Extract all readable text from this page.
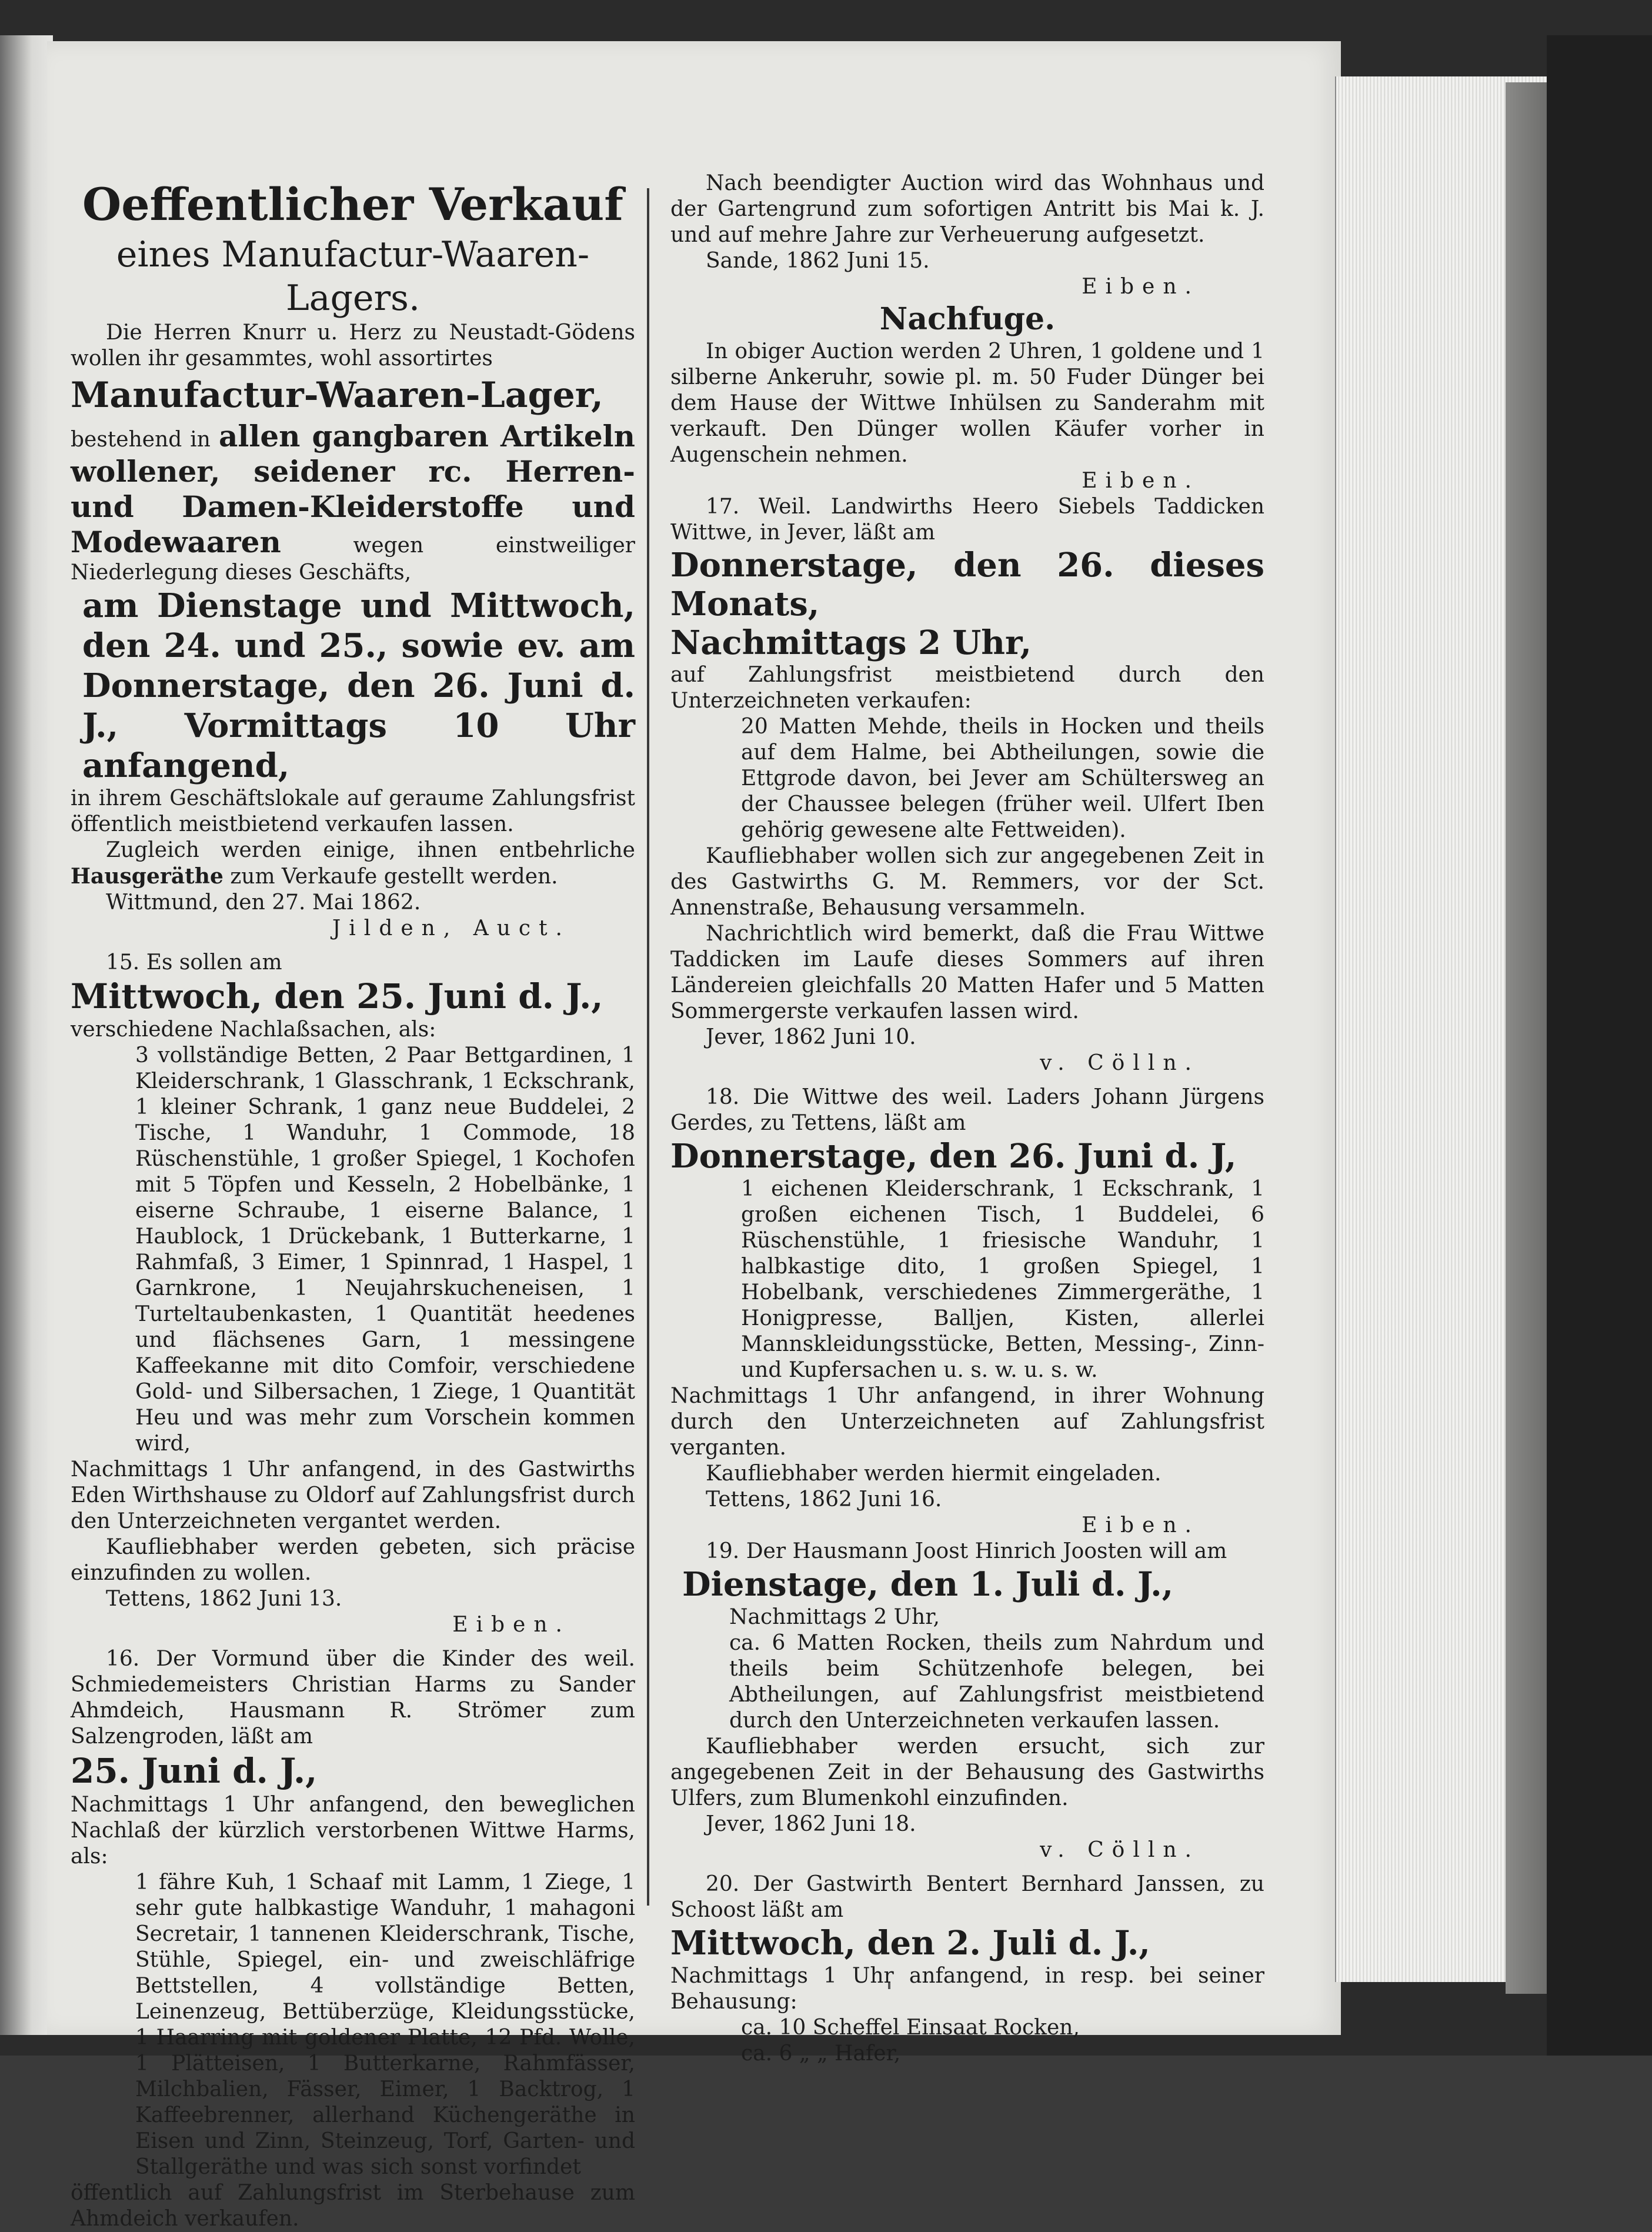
Oeffentlicher Verkauf

eines Manufactur-Waaren-Lagers.

Die Herren Knurr u. Herz zu Neustadt-Gödens wollen ihr gesammtes, wohl assortirtes

Manufactur-Waaren-Lager,

bestehend in allen gangbaren Artikeln wollener, seidener rc. Herren- und Damen-Kleiderstoffe und Modewaaren	wegen einstweiliger Niederlegung dieses Geschäfts,

am Dienstage und Mittwoch, den 24. und 25., sowie ev. am Donnerstage, den 26. Juni d. J., Vormittags 10 Uhr anfangend,

in ihrem Geschäftslokale auf geraume Zahlungsfrist öffentlich meistbietend verkaufen lassen.

Zugleich werden einige, ihnen entbehrliche Hausgeräthe zum Verkaufe gestellt werden.

Wittmund, den 27. Mai 1862.

Jilden, Auct.

15. Es sollen am

Mittwoch, den 25. Juni d. J.,

verschiedene Nachlaßsachen, als:

3 vollständige Betten, 2 Paar Bettgardinen, 1 Kleiderschrank, 1 Glasschrank, 1 Eckschrank, 1 kleiner Schrank, 1 ganz neue Buddelei, 2 Tische, 1 Wanduhr, 1 Commode, 18 Rüschenstühle, 1 großer Spiegel, 1 Kochofen mit 5 Töpfen und Kesseln, 2 Hobelbänke, 1 eiserne Schraube, 1 eiserne Balance, 1 Haublock, 1 Drückebank, 1 Butterkarne, 1 Rahmfaß, 3 Eimer, 1 Spinnrad, 1 Haspel, 1 Garnkrone, 1 Neujahrskucheneisen, 1 Turteltaubenkasten, 1 Quantität heedenes und flächsenes Garn, 1 messingene Kaffeekanne mit dito Comfoir, verschiedene Gold- und Silbersachen, 1 Ziege, 1 Quantität Heu und was mehr zum Vorschein kommen wird,

Nachmittags 1 Uhr anfangend, in des Gastwirths Eden Wirthshause zu Oldorf auf Zahlungsfrist durch den Unterzeichneten vergantet werden.

Kaufliebhaber werden gebeten, sich präcise einzufinden zu wollen.

Tettens, 1862 Juni 13.

Eiben.

16. Der Vormund über die Kinder des weil. Schmiedemeisters Christian Harms zu Sander Ahmdeich, Hausmann R. Strömer zum Salzengroden, läßt am

25. Juni d. J.,

Nachmittags 1 Uhr anfangend, den beweglichen Nachlaß der kürzlich verstorbenen Wittwe Harms, als:

1 fähre Kuh, 1 Schaaf mit Lamm, 1 Ziege, 1 sehr gute halbkastige Wanduhr, 1 mahagoni Secretair, 1 tannenen Kleiderschrank, Tische, Stühle, Spiegel, ein- und zweischläfrige Bettstellen, 4 vollständige Betten, Leinenzeug, Bettüberzüge, Kleidungsstücke, 1 Haarring mit goldener Platte, 12 Pfd. Wolle, 1 Plätteisen, 1 Butterkarne, Rahmfässer, Milchbalien, Fässer, Eimer, 1 Backtrog, 1 Kaffeebrenner, allerhand Küchengeräthe in Eisen und Zinn, Steinzeug, Torf, Garten- und Stallgeräthe und was sich sonst vorfindet

öffentlich auf Zahlungsfrist im Sterbehause zum Ahmdeich verkaufen.

Nach beendigter Auction wird das Wohnhaus und der Gartengrund zum sofortigen Antritt bis Mai k. J. und auf mehre Jahre zur Verheuerung aufgesetzt.

Sande, 1862 Juni 15.

Eiben.

Nachfuge.

In obiger Auction werden 2 Uhren, 1 goldene und 1 silberne Ankeruhr, sowie pl. m. 50 Fuder Dünger bei dem Hause der Wittwe Inhülsen zu Sanderahm mit verkauft. Den Dünger wollen Käufer vorher in Augenschein nehmen.

Eiben.

17. Weil. Landwirths Heero Siebels Taddicken Wittwe, in Jever, läßt am

Donnerstage, den 26. dieses Monats,

Nachmittags 2 Uhr,

auf Zahlungsfrist meistbietend durch den Unterzeichneten verkaufen:

20 Matten Mehde, theils in Hocken und theils auf dem Halme, bei Abtheilungen, sowie die Ettgrode davon, bei Jever am Schültersweg an der Chaussee belegen (früher weil. Ulfert Iben gehörig gewesene alte Fettweiden).

Kaufliebhaber wollen sich zur angegebenen Zeit in des Gastwirths G. M. Remmers, vor der Sct. Annenstraße, Behausung versammeln.

Nachrichtlich wird bemerkt, daß die Frau Wittwe Taddicken im Laufe dieses Sommers auf ihren Ländereien gleichfalls 20 Matten Hafer und 5 Matten Sommergerste verkaufen lassen wird.

Jever, 1862 Juni 10.

v. Cölln.

18. Die Wittwe des weil. Laders Johann Jürgens Gerdes, zu Tettens, läßt am

Donnerstage, den 26. Juni d. J,

1 eichenen Kleiderschrank, 1 Eckschrank, 1 großen eichenen Tisch, 1 Buddelei, 6 Rüschenstühle, 1 friesische Wanduhr, 1 halbkastige dito, 1 großen Spiegel, 1 Hobelbank, verschiedenes Zimmergeräthe, 1 Honigpresse, Balljen, Kisten, allerlei Mannskleidungsstücke, Betten, Messing-, Zinn- und Kupfersachen u. s. w. u. s. w.

Nachmittags 1 Uhr anfangend, in ihrer Wohnung durch den Unterzeichneten auf Zahlungsfrist verganten.

Kaufliebhaber werden hiermit eingeladen.

Tettens, 1862 Juni 16.

Eiben.

19. Der Hausmann Joost Hinrich Joosten will am

Dienstage, den 1. Juli d. J.,

Nachmittags 2 Uhr,

ca. 6 Matten Rocken, theils zum Nahrdum und theils beim Schützenhofe belegen, bei Abtheilungen, auf Zahlungsfrist meistbietend durch den Unterzeichneten verkaufen lassen.

Kaufliebhaber werden ersucht, sich zur angegebenen Zeit in der Behausung des Gastwirths Ulfers, zum Blumenkohl einzufinden.

Jever, 1862 Juni 18.

v. Cölln.

20. Der Gastwirth Bentert Bernhard Janssen, zu Schoost läßt am

Mittwoch, den 2. Juli d. J.,

Nachmittags 1 Uhr anfangend, in resp. bei seiner Behausung:

ca. 10 Scheffel Einsaat Rocken,

ca. 6 „ „ Hafer,
